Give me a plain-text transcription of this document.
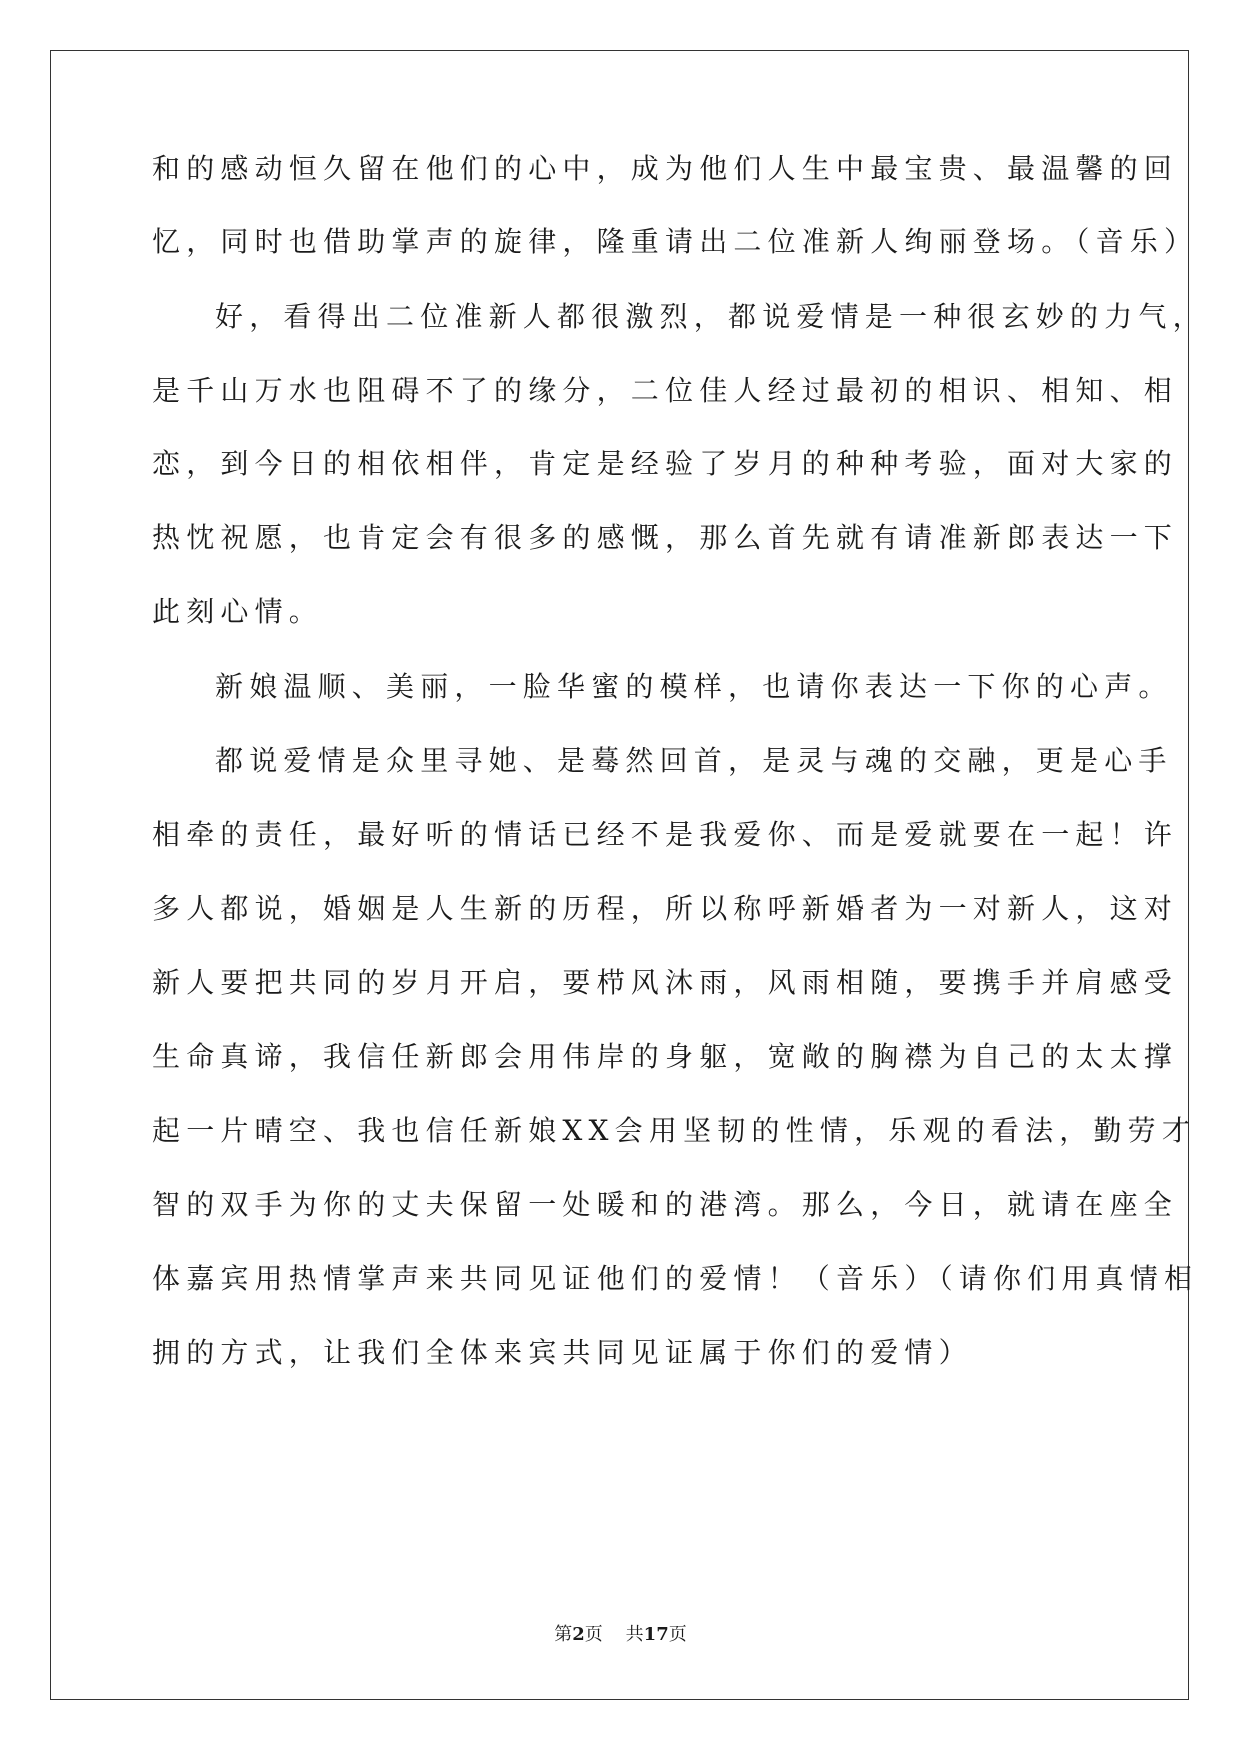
和的感动恒久留在他们的心中，成为他们人生中最宝贵、最温馨的回
忆，同时也借助掌声的旋律，隆重请出二位准新人绚丽登场。（音乐）
好，看得出二位准新人都很激烈，都说爱情是一种很玄妙的力气，
是千山万水也阻碍不了的缘分，二位佳人经过最初的相识、相知、相
恋，到今日的相依相伴，肯定是经验了岁月的种种考验，面对大家的
热忱祝愿，也肯定会有很多的感慨，那么首先就有请准新郎表达一下
此刻心情。
新娘温顺、美丽，一脸华蜜的模样，也请你表达一下你的心声。
都说爱情是众里寻她、是蓦然回首，是灵与魂的交融，更是心手
相牵的责任，最好听的情话已经不是我爱你、而是爱就要在一起！许
多人都说，婚姻是人生新的历程，所以称呼新婚者为一对新人，这对
新人要把共同的岁月开启，要栉风沐雨，风雨相随，要携手并肩感受
生命真谛，我信任新郎会用伟岸的身躯，宽敞的胸襟为自己的太太撑
起一片晴空、我也信任新娘XX会用坚韧的性情，乐观的看法，勤劳才
智的双手为你的丈夫保留一处暖和的港湾。那么，今日，就请在座全
体嘉宾用热情掌声来共同见证他们的爱情！（音乐）（请你们用真情相
拥的方式，让我们全体来宾共同见证属于你们的爱情）
第2页 共17页
